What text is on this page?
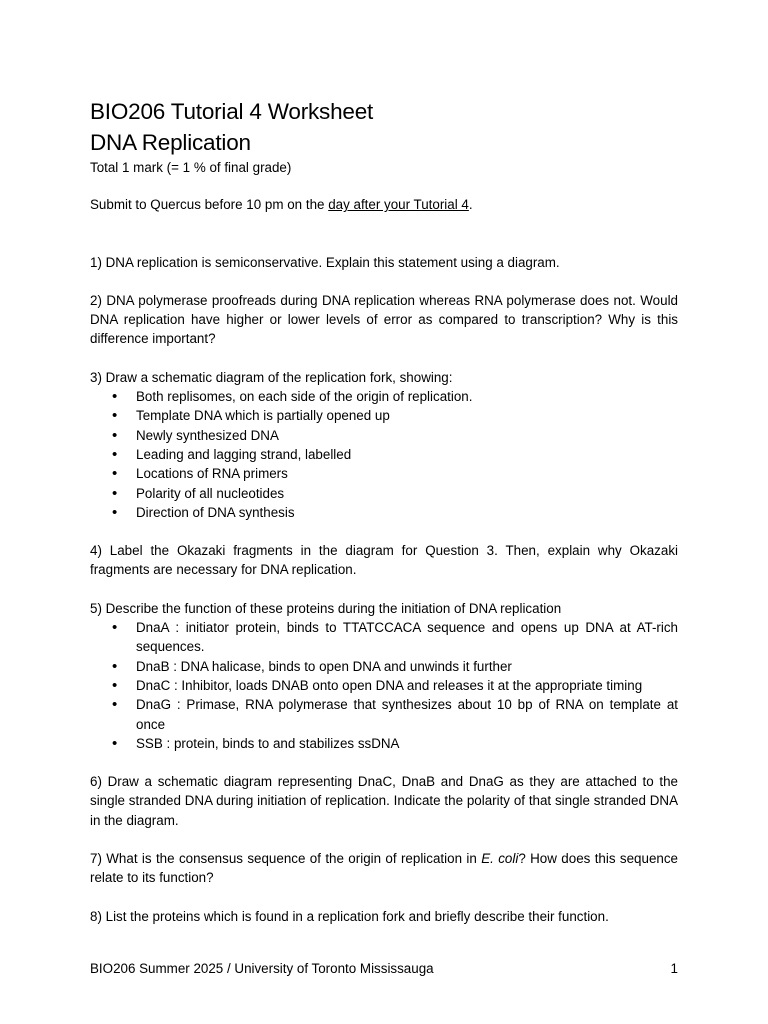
BIO206 Tutorial 4 Worksheet
DNA Replication

Total 1 mark (= 1 % of final grade)

Submit to Quercus before 10 pm on the day after your Tutorial 4.

1) DNA replication is semiconservative. Explain this statement using a diagram.

2) DNA polymerase proofreads during DNA replication whereas RNA polymerase does not. Would DNA replication have higher or lower levels of error as compared to transcription? Why is this difference important?

3) Draw a schematic diagram of the replication fork, showing:

• Both replisomes, on each side of the origin of replication.
• Template DNA which is partially opened up
• Newly synthesized DNA
• Leading and lagging strand, labelled
• Locations of RNA primers
• Polarity of all nucleotides
• Direction of DNA synthesis

4) Label the Okazaki fragments in the diagram for Question 3. Then, explain why Okazaki fragments are necessary for DNA replication.

5) Describe the function of these proteins during the initiation of DNA replication

• DnaA : initiator protein, binds to TTATCCACA sequence and opens up DNA at AT-rich sequences.
• DnaB : DNA halicase, binds to open DNA and unwinds it further
• DnaC : Inhibitor, loads DNAB onto open DNA and releases it at the appropriate timing
• DnaG : Primase, RNA polymerase that synthesizes about 10 bp of RNA on template at once
• SSB : protein, binds to and stabilizes ssDNA

6) Draw a schematic diagram representing DnaC, DnaB and DnaG as they are attached to the single stranded DNA during initiation of replication. Indicate the polarity of that single stranded DNA in the diagram.

7) What is the consensus sequence of the origin of replication in E. coli? How does this sequence relate to its function?

8) List the proteins which is found in a replication fork and briefly describe their function.

BIO206 Summer 2025 / University of Toronto Mississauga	1
